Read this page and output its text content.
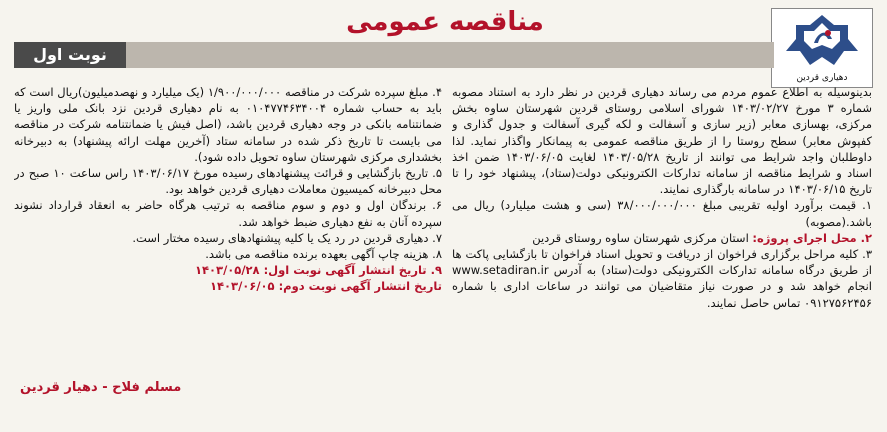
مناقصه عمومی
دهیاری قردین
نوبت اول

بدینوسیله به اطلاع عموم مردم می رساند دهیاری قردین در نظر دارد به استناد مصوبه شماره ۳ مورخ ۱۴۰۳/۰۲/۲۷ شورای اسلامی روستای قردین شهرستان ساوه بخش مرکزی، بهسازی معابر (زیر سازی و آسفالت و لکه گیری آسفالت و جدول گذاری و کفپوش معابر) سطح روستا را از طریق مناقصه عمومی به پیمانکار واگذار نماید. لذا داوطلبان واجد شرایط می توانند از تاریخ ۱۴۰۳/۰۵/۲۸ لغایت ۱۴۰۳/۰۶/۰۵ ضمن اخذ اسناد و شرایط مناقصه از سامانه تدارکات الکترونیکی دولت(ستاد)، پیشنهاد خود را تا تاریخ ۱۴۰۳/۰۶/۱۵ در سامانه بارگذاری نمایند.

۱. قیمت برآورد اولیه تقریبی مبلغ ۳۸/۰۰۰/۰۰۰/۰۰۰ (سی و هشت میلیارد) ریال می باشد.(مصوبه)

۲. محل اجرای پروژه: استان مرکزی شهرستان ساوه روستای قردین

۳. کلیه مراحل برگزاری فراخوان از دریافت و تحویل اسناد فراخوان تا بازگشایی پاکت ها از طریق درگاه سامانه تدارکات الکترونیکی دولت(ستاد) به آدرس www.setadiran.ir انجام خواهد شد و در صورت نیاز متقاضیان می توانند در ساعات اداری با شماره ۰۹۱۲۷۵۶۲۴۵۶ تماس حاصل نمایند.

۴. مبلغ سپرده شرکت در مناقصه ۱/۹۰۰/۰۰۰/۰۰۰ (یک میلیارد و نهصدمیلیون)ریال است که باید به حساب شماره ۰۱۰۴۷۷۴۶۳۴۰۰۴ به نام دهیاری قردین نزد بانک ملی واریز یا ضمانتنامه بانکی در وجه دهیاری قردین باشد، (اصل فیش یا ضمانتنامه شرکت در مناقصه می بایست تا تاریخ ذکر شده در سامانه ستاد (آخرین مهلت ارائه پیشنهاد) به دبیرخانه بخشداری مرکزی شهرستان ساوه تحویل داده شود).

۵. تاریخ بازگشایی و قرائت پیشنهادهای رسیده مورخ ۱۴۰۳/۰۶/۱۷ راس ساعت ۱۰ صبح در محل دبیرخانه کمیسیون معاملات دهیاری قردین خواهد بود.

۶. برندگان اول و دوم و سوم مناقصه به ترتیب هرگاه حاضر به انعقاد قرارداد نشوند سپرده آنان به نفع دهیاری ضبط خواهد شد.

۷. دهیاری قردین در رد یک یا کلیه پیشنهادهای رسیده مختار است.

۸. هزینه چاپ آگهی بعهده برنده مناقصه می باشد.

۹. تاریخ انتشار آگهی نوبت اول: ۱۴۰۳/۰۵/۲۸

تاریخ انتشار آگهی نوبت دوم: ۱۴۰۳/۰۶/۰۵

مسلم فلاح - دهیار قردین
